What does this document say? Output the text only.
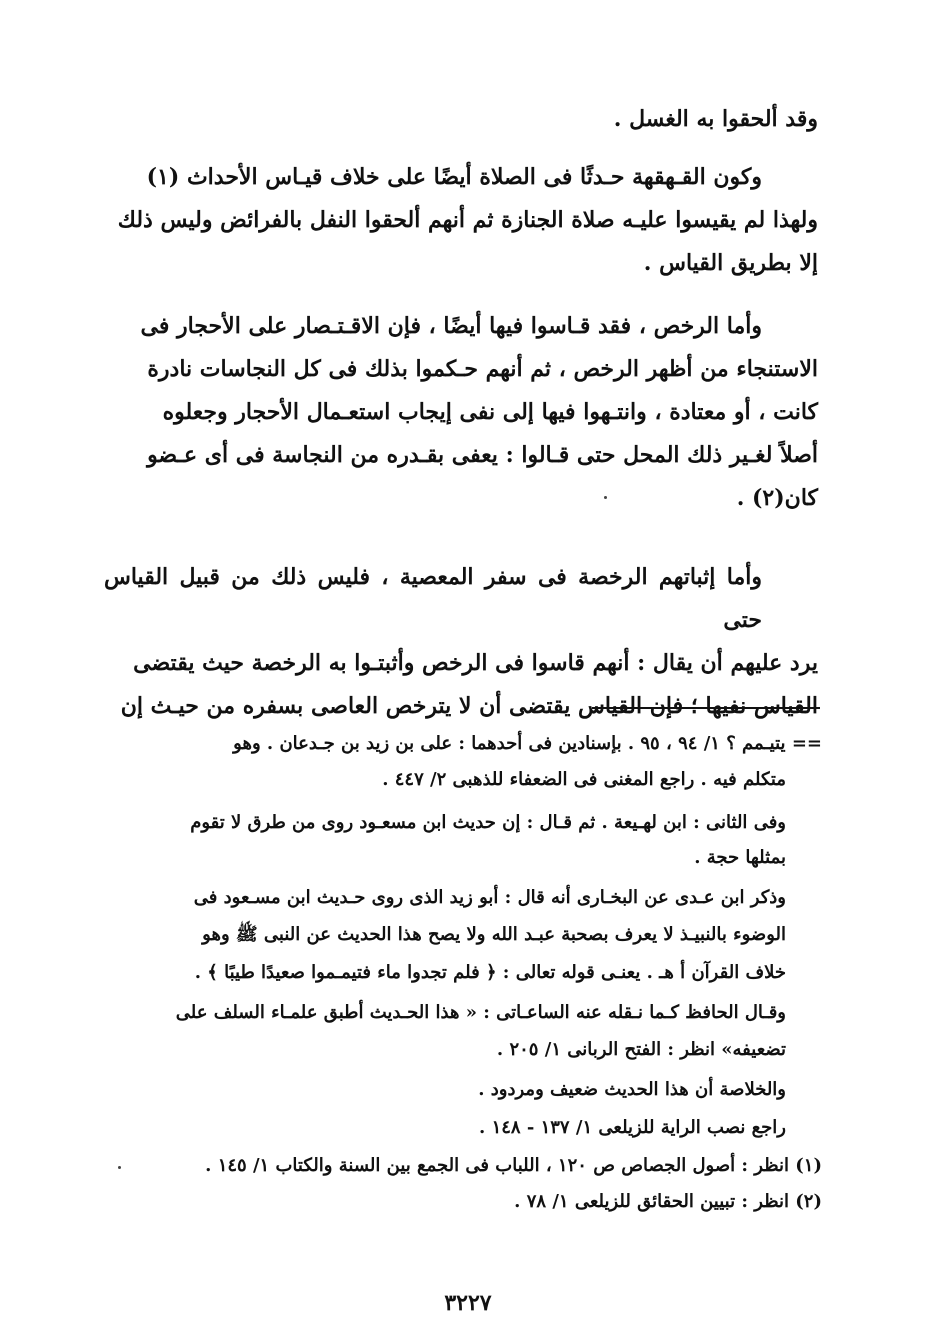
وقد ألحقوا به الغسل .

وكون القـهقهة حـدثًا فى الصلاة أيضًا على خلاف قيـاس الأحداث (١)

ولهذا لم يقيسوا عليـه صلاة الجنازة ثم أنهم ألحقوا النفل بالفرائض وليس ذلك

إلا بطريق القياس .

وأما الرخص ، فقد قـاسوا فيها أيضًا ، فإن الاقـتـصار على الأحجار فى

الاستنجاء من أظهر الرخص ، ثم أنهم حـكموا بذلك فى كل النجاسات نادرة

كانت ، أو معتادة ، وانتـهوا فيها إلى نفى إيجاب استعـمال الأحجار وجعلوه

أصلاً لغـير ذلك المحل حتى قـالوا : يعفى بقـدره من النجاسة فى أى عـضو

كان(٢) .

وأما إثباتهم الرخصة فى سفر المعصية ، فليس ذلك من قبيل القياس حتى

يرد عليهم أن يقال : أنهم قاسوا فى الرخص وأثبتـوا به الرخصة حيث يقتضى

القياس نفيها ؛ فإن القياس يقتضى أن لا يترخص العاصى بسفره من حيـث إن

== يتيـمم ؟ ١/ ٩٤ ، ٩٥ . بإسنادين فى أحدهما : على بن زيد بن جـدعان . وهو
متكلم فيه . راجع المغنى فى الضعفاء للذهبى ٢/ ٤٤٧ .
وفى الثانى : ابن لهـيعة . ثم قـال : إن حديث ابن مسعـود روى من طرق لا تقوم
بمثلها حجة .
وذكر ابن عـدى عن البخـارى أنه قال : أبو زيد الذى روى حـديث ابن مسـعود فى
الوضوء بالنبيـذ لا يعرف بصحبة عبـد الله ولا يصح هذا الحديث عن النبى ﷺ وهو
خلاف القرآن أ هـ . يعنـى قوله تعالى : ﴿ فلم تجدوا ماء فتيمـموا صعيدًا طيبًا ﴾ .
وقـال الحافظ كـما نـقله عنه الساعـاتى : « هذا الحـديث أطبق علمـاء السلف على
تضعيفه» انظر : الفتح الربانى ١/ ٢٠٥ .
والخلاصة أن هذا الحديث ضعيف ومردود .
راجع نصب الراية للزيلعى ١/ ١٣٧ - ١٤٨ .
(١) انظر : أصول الجصاص ص ١٢٠ ، اللباب فى الجمع بين السنة والكتاب ١/ ١٤٥ .
(٢) انظر : تبيين الحقائق للزيلعى ١/ ٧٨ .
٣٢٢٧
